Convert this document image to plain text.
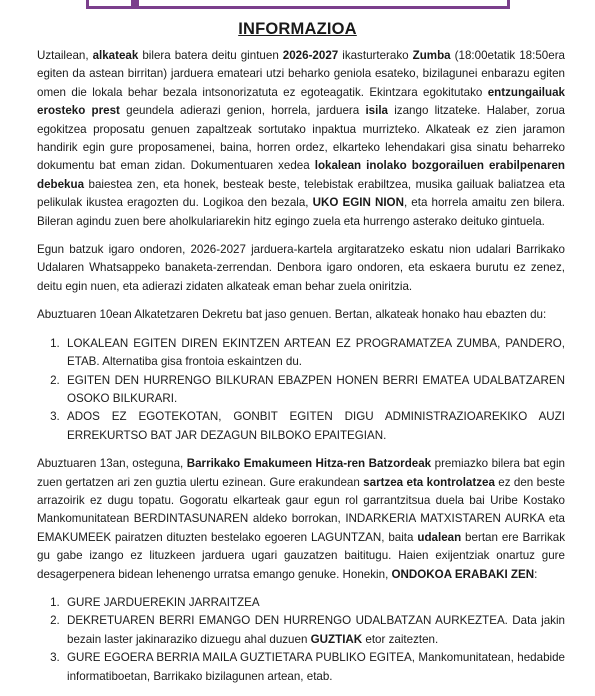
INFORMAZIOA

Uztailean, alkateak bilera batera deitu gintuen 2026-2027 ikasturterako Zumba (18:00etatik 18:50era egiten da astean birritan) jarduera emateari utzi beharko geniola esateko, bizilagunei enbarazu egiten omen die lokala behar bezala intsonorizatuta ez egoteagatik. Ekintzara egokitutako entzungailuak erosteko prest geundela adierazi genion, horrela, jarduera isila izango litzateke. Halaber, zorua egokitzea proposatu genuen zapaltzeak sortutako inpaktua murrizteko. Alkateak ez zien jaramon handirik egin gure proposamenei, baina, horren ordez, elkarteko lehendakari gisa sinatu beharreko dokumentu bat eman zidan. Dokumentuaren xedea lokalean inolako bozgorailuen erabilpenaren debekua baiestea zen, eta honek, besteak beste, telebistak erabiltzea, musika gailuak baliatzea eta pelikulak ikustea eragozten du. Logikoa den bezala, UKO EGIN NION, eta horrela amaitu zen bilera. Bileran agindu zuen bere aholkulariarekin hitz egingo zuela eta hurrengo asterako deituko gintuela.

Egun batzuk igaro ondoren, 2026-2027 jarduera-kartela argitaratzeko eskatu nion udalari Barrikako Udalaren Whatsappeko banaketa-zerrendan. Denbora igaro ondoren, eta eskaera burutu ez zenez, deitu egin nuen, eta adierazi zidaten alkateak eman behar zuela oniritzia.

Abuztuaren 10ean Alkatetzaren Dekretu bat jaso genuen. Bertan, alkateak honako hau ebazten du:

1. LOKALEAN EGITEN DIREN EKINTZEN ARTEAN EZ PROGRAMATZEA ZUMBA, PANDERO, ETAB. Alternatiba gisa frontoia eskaintzen du.
2. EGITEN DEN HURRENGO BILKURAN EBAZPEN HONEN BERRI EMATEA UDALBATZAREN OSOKO BILKURARI.
3. ADOS EZ EGOTEKOTAN, GONBIT EGITEN DIGU ADMINISTRAZIOAREKIKO AUZI ERREKURTSO BAT JAR DEZAGUN BILBOKO EPAITEGIAN.

Abuztuaren 13an, osteguna, Barrikako Emakumeen Hitza-ren Batzordeak premiazko bilera bat egin zuen gertatzen ari zen guztia ulertu ezinean. Gure erakundean sartzea eta kontrolatzea ez den beste arrazoirik ez dugu topatu. Gogoratu elkarteak gaur egun rol garrantzitsua duela bai Uribe Kostako Mankomunitatean BERDINTASUNAREN aldeko borrokan, INDARKERIA MATXISTAREN AURKA eta EMAKUMEEK pairatzen dituzten bestelako egoeren LAGUNTZAN, baita udalean bertan ere Barrikak gu gabe izango ez lituzkeen jarduera ugari gauzatzen baititugu. Haien exijentziak onartuz gure desagerpenera bidean lehenengo urratsa emango genuke. Honekin, ONDOKOA ERABAKI ZEN:

1. GURE JARDUEREKIN JARRAITZEA
2. DEKRETUAREN BERRI EMANGO DEN HURRENGO UDALBATZAN AURKEZTEA. Data jakin bezain laster jakinaraziko dizuegu ahal duzuen GUZTIAK etor zaitezten.
3. GURE EGOERA BERRIA MAILA GUZTIETARA PUBLIKO EGITEA, Mankomunitatean, hedabide informatiboetan, Barrikako bizilagunen artean, etab.
